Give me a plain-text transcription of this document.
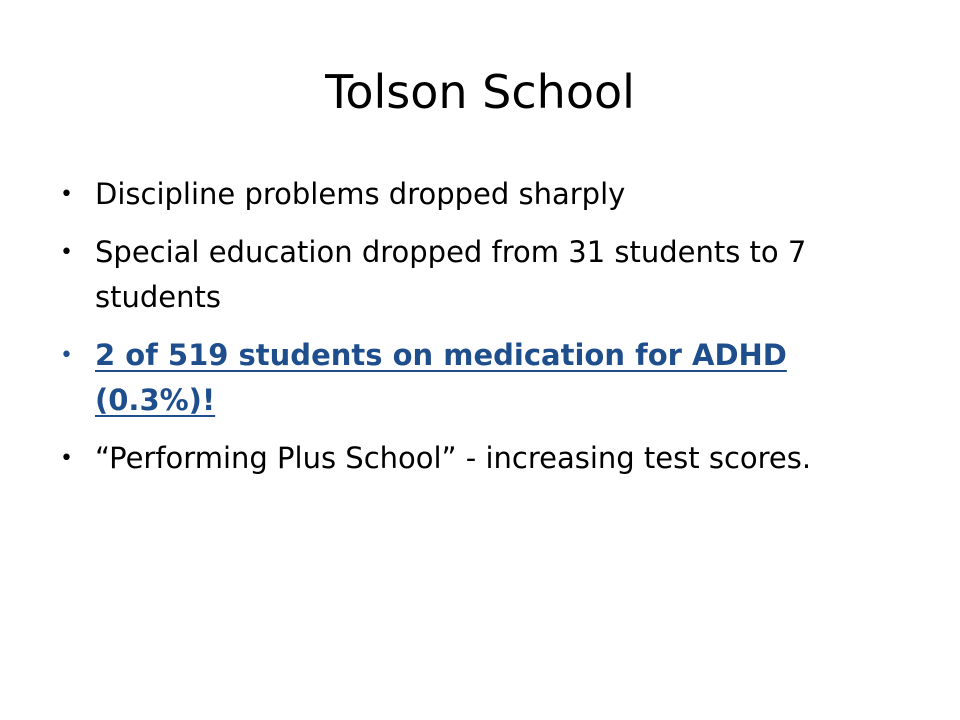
Tolson School
• Discipline problems dropped sharply
• Special education dropped from 31 students to 7 students
• 2 of 519 students on medication for ADHD (0.3%)!
• “Performing Plus School” - increasing test scores.
